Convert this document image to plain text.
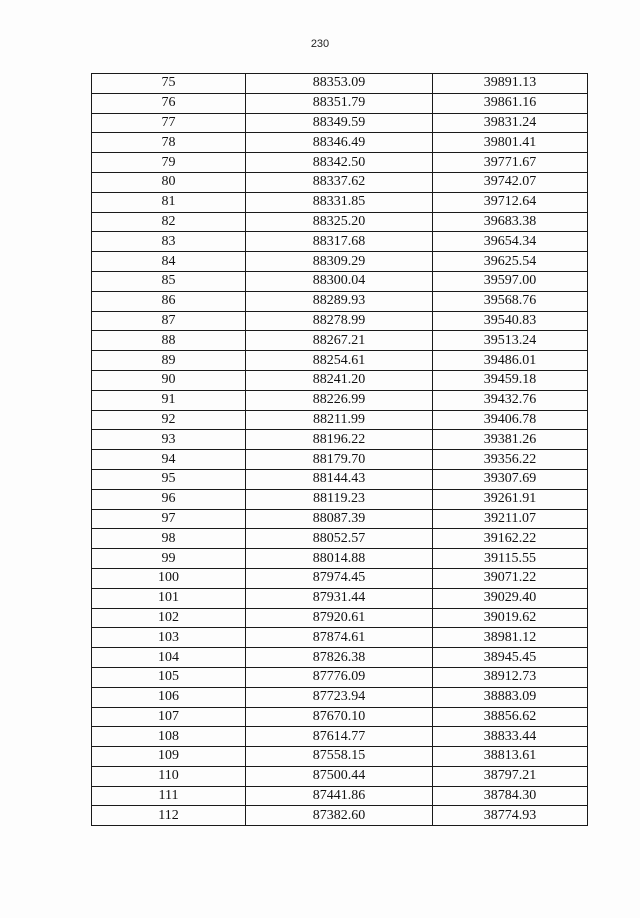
230
75	88353.09	39891.13
76	88351.79	39861.16
77	88349.59	39831.24
78	88346.49	39801.41
79	88342.50	39771.67
80	88337.62	39742.07
81	88331.85	39712.64
82	88325.20	39683.38
83	88317.68	39654.34
84	88309.29	39625.54
85	88300.04	39597.00
86	88289.93	39568.76
87	88278.99	39540.83
88	88267.21	39513.24
89	88254.61	39486.01
90	88241.20	39459.18
91	88226.99	39432.76
92	88211.99	39406.78
93	88196.22	39381.26
94	88179.70	39356.22
95	88144.43	39307.69
96	88119.23	39261.91
97	88087.39	39211.07
98	88052.57	39162.22
99	88014.88	39115.55
100	87974.45	39071.22
101	87931.44	39029.40
102	87920.61	39019.62
103	87874.61	38981.12
104	87826.38	38945.45
105	87776.09	38912.73
106	87723.94	38883.09
107	87670.10	38856.62
108	87614.77	38833.44
109	87558.15	38813.61
110	87500.44	38797.21
111	87441.86	38784.30
112	87382.60	38774.93
